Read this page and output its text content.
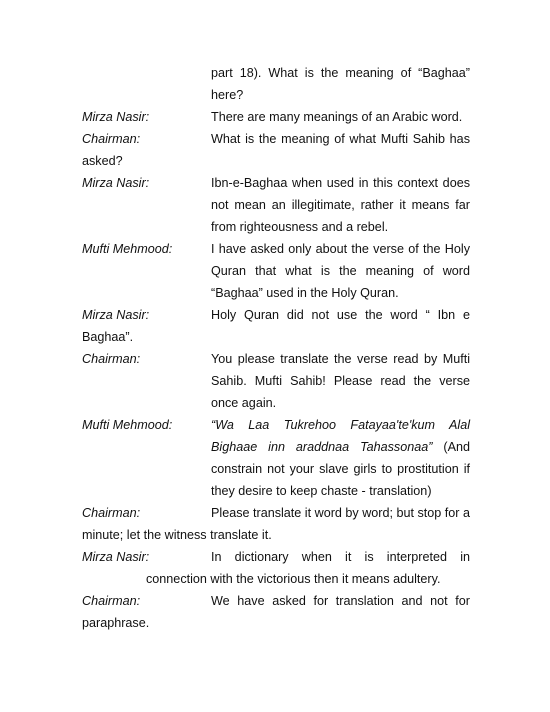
part 18). What is the meaning of “Baghaa”
here?
Mirza Nasir:	There are many meanings of an Arabic word.
Chairman:	What is the meaning of what Mufti Sahib has
asked?
Mirza Nasir:	Ibn-e-Baghaa when used in this context does
not mean an illegitimate, rather it means far
from righteousness and a rebel.
Mufti Mehmood:	I have asked only about the verse of the Holy
Quran that what is the meaning of word
“Baghaa” used in the Holy Quran.
Mirza Nasir:	Holy Quran did not use the word “ Ibn e
Baghaa”.
Chairman:	You please translate the verse read by Mufti
Sahib. Mufti Sahib! Please read the verse
once again.
Mufti Mehmood:	“Wa Laa Tukrehoo Fatayaa'te'kum Alal
Bighaae inn araddnaa Tahassonaa” (And
constrain not your slave girls to prostitution if
they desire to keep chaste - translation)
Chairman:	Please translate it word by word; but stop for a
minute; let the witness translate it.
Mirza Nasir:	In dictionary when it is interpreted in
connection with the victorious then it means adultery.
Chairman:	We have asked for translation and not for
paraphrase.
